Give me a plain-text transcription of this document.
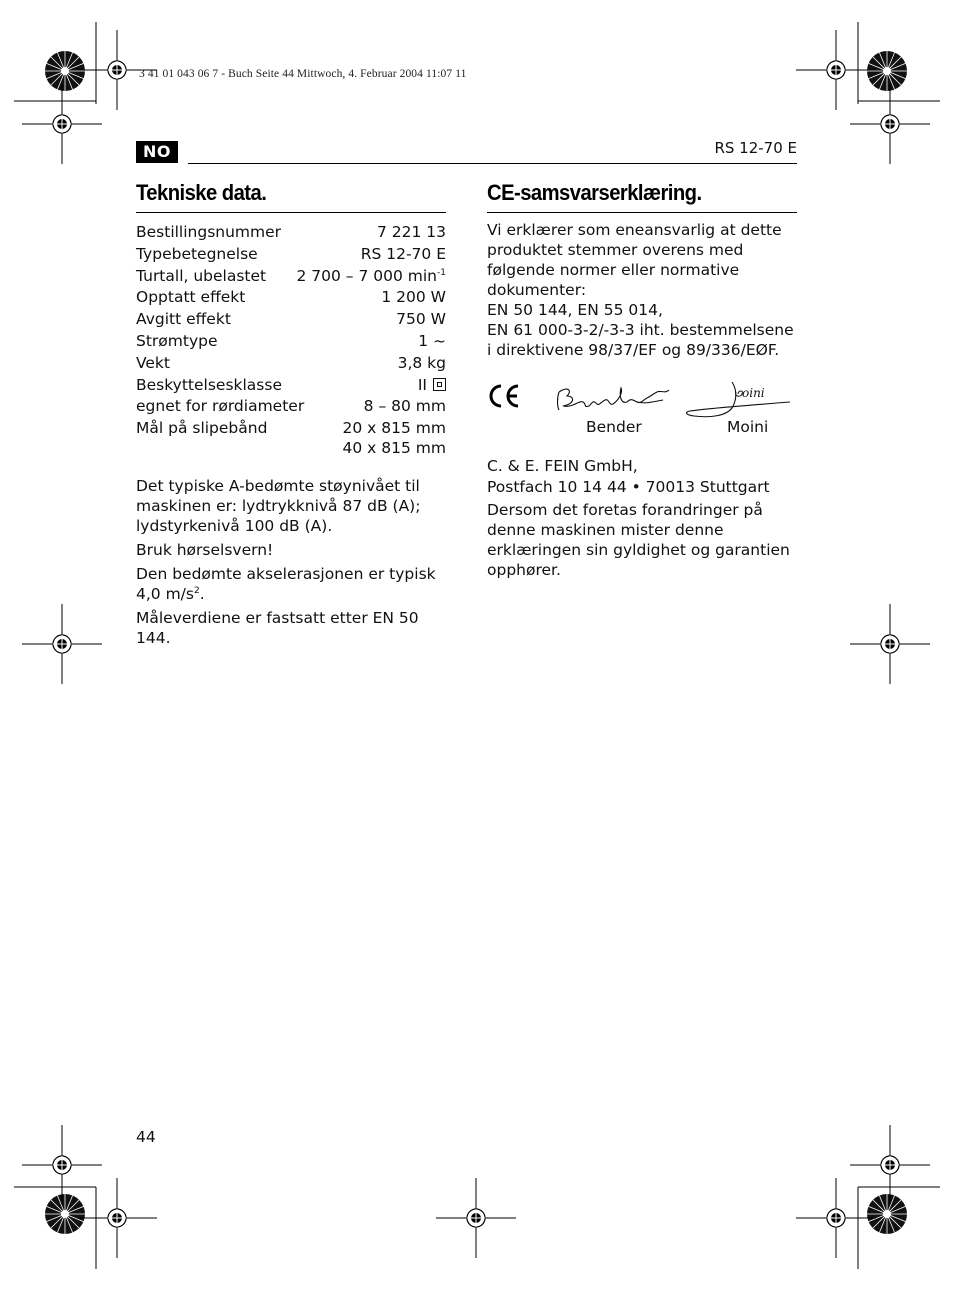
3 41 01 043 06 7 - Buch Seite 44 Mittwoch, 4. Februar 2004 11:07 11
NO	RS 12-70 E
Tekniske data.
Bestillingsnummer	7 221 13
Typebetegnelse	RS 12-70 E
Turtall, ubelastet 2 700 – 7 000 $\min^{-1}$
Opptatt effekt	1 200 W
Avgitt effekt	750 W
Strømtype	1 ~
Vekt	3,8 kg
Beskyttelsesklasse	II
egnet for rørdiameter	8 – 80 mm
Mål på slipebånd	20 x 815 mm
40 x 815 mm
Det typiske A-bedømte støynivået til maskinen er: lydtrykknivå 87 dB (A); lydstyrkenivå 100 dB (A).
Bruk hørselsvern!
Den bedømte akselerasjonen er typisk 4,0 $m/s^2$.
Måleverdiene er fastsatt etter EN 50 144.
CE-samsvarserklæring.
Vi erklærer som eneansvarlig at dette produktet stemmer overens med følgende normer eller normative dokumenter:
EN 50 144, EN 55 014,
EN 61 000-3-2/-3-3 iht. bestemmelsene i direktivene 98/37/EF og 89/336/EØF.
oini
Bender	Moini
C. & E. FEIN GmbH,
Postfach 10 14 44 • 70013 Stuttgart
Dersom det foretas forandringer på denne maskinen mister denne erklæringen sin gyldighet og garantien opphører.
44
